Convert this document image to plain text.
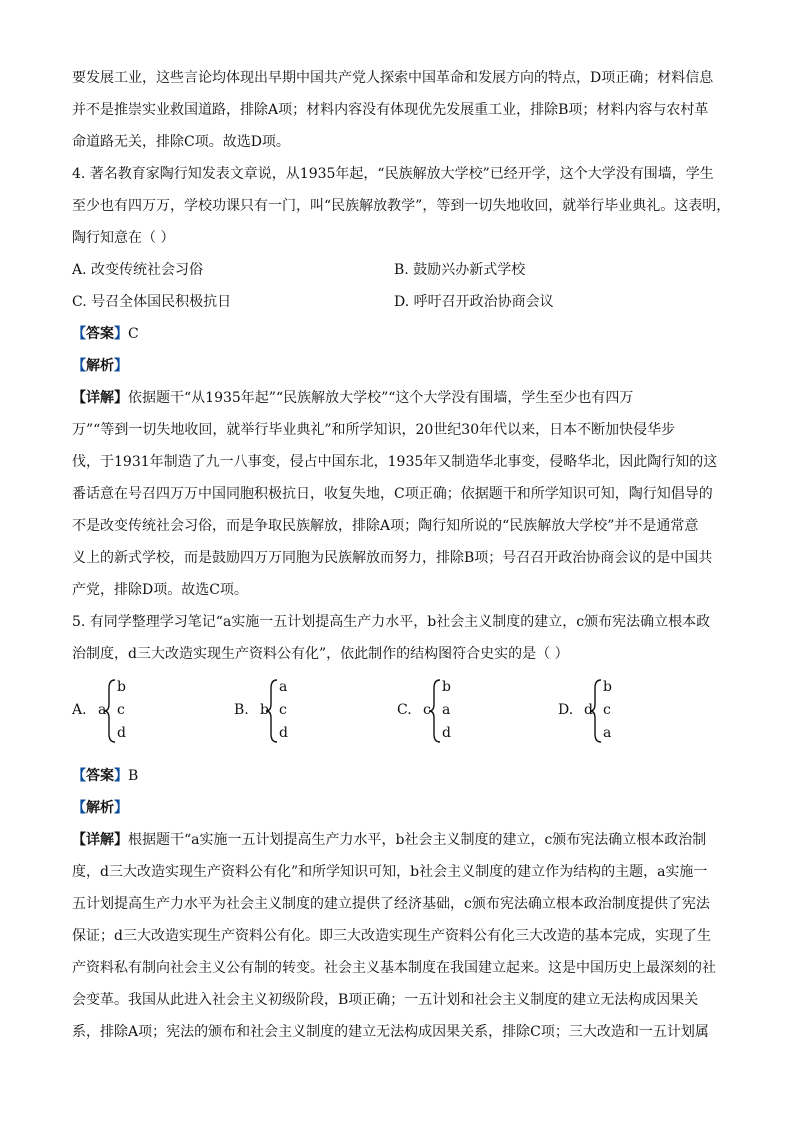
要发展工业，这些言论均体现出早期中国共产党人探索中国革命和发展方向的特点，D项正确；材料信息
并不是推崇实业救国道路，排除A项；材料内容没有体现优先发展重工业，排除B项；材料内容与农村革
命道路无关，排除C项。故选D项。
4. 著名教育家陶行知发表文章说，从1935年起，“民族解放大学校”已经开学，这个大学没有围墙，学生
至少也有四万万，学校功课只有一门，叫“民族解放教学”，等到一切失地收回，就举行毕业典礼。这表明，
陶行知意在（ ）
A. 改变传统社会习俗	B. 鼓励兴办新式学校
C. 号召全体国民积极抗日	D. 呼吁召开政治协商会议
【答案】C
【解析】
【详解】依据题干“从1935年起”“民族解放大学校”“这个大学没有围墙，学生至少也有四万
万”“等到一切失地收回，就举行毕业典礼”和所学知识，20世纪30年代以来，日本不断加快侵华步
伐，于1931年制造了九一八事变，侵占中国东北，1935年又制造华北事变，侵略华北，因此陶行知的这
番话意在号召四万万中国同胞积极抗日，收复失地，C项正确；依据题干和所学知识可知，陶行知倡导的
不是改变传统社会习俗，而是争取民族解放，排除A项；陶行知所说的“民族解放大学校”并不是通常意
义上的新式学校，而是鼓励四万万同胞为民族解放而努力，排除B项；号召召开政治协商会议的是中国共
产党，排除D项。故选C项。
5. 有同学整理学习笔记“a实施一五计划提高生产力水平，b社会主义制度的建立，c颁布宪法确立根本政
治制度，d三大改造实现生产资料公有化”，依此制作的结构图符合史实的是（ ）
A. a
b
c
d
B. b
a
c
d
C. c
b
a
d
D. d
b
c
a
【答案】B
【解析】
【详解】根据题干“a实施一五计划提高生产力水平，b社会主义制度的建立，c颁布宪法确立根本政治制
度，d三大改造实现生产资料公有化”和所学知识可知，b社会主义制度的建立作为结构的主题，a实施一
五计划提高生产力水平为社会主义制度的建立提供了经济基础，c颁布宪法确立根本政治制度提供了宪法
保证；d三大改造实现生产资料公有化。即三大改造实现生产资料公有化三大改造的基本完成，实现了生
产资料私有制向社会主义公有制的转变。社会主义基本制度在我国建立起来。这是中国历史上最深刻的社
会变革。我国从此进入社会主义初级阶段，B项正确；一五计划和社会主义制度的建立无法构成因果关
系，排除A项；宪法的颁布和社会主义制度的建立无法构成因果关系，排除C项；三大改造和一五计划属
